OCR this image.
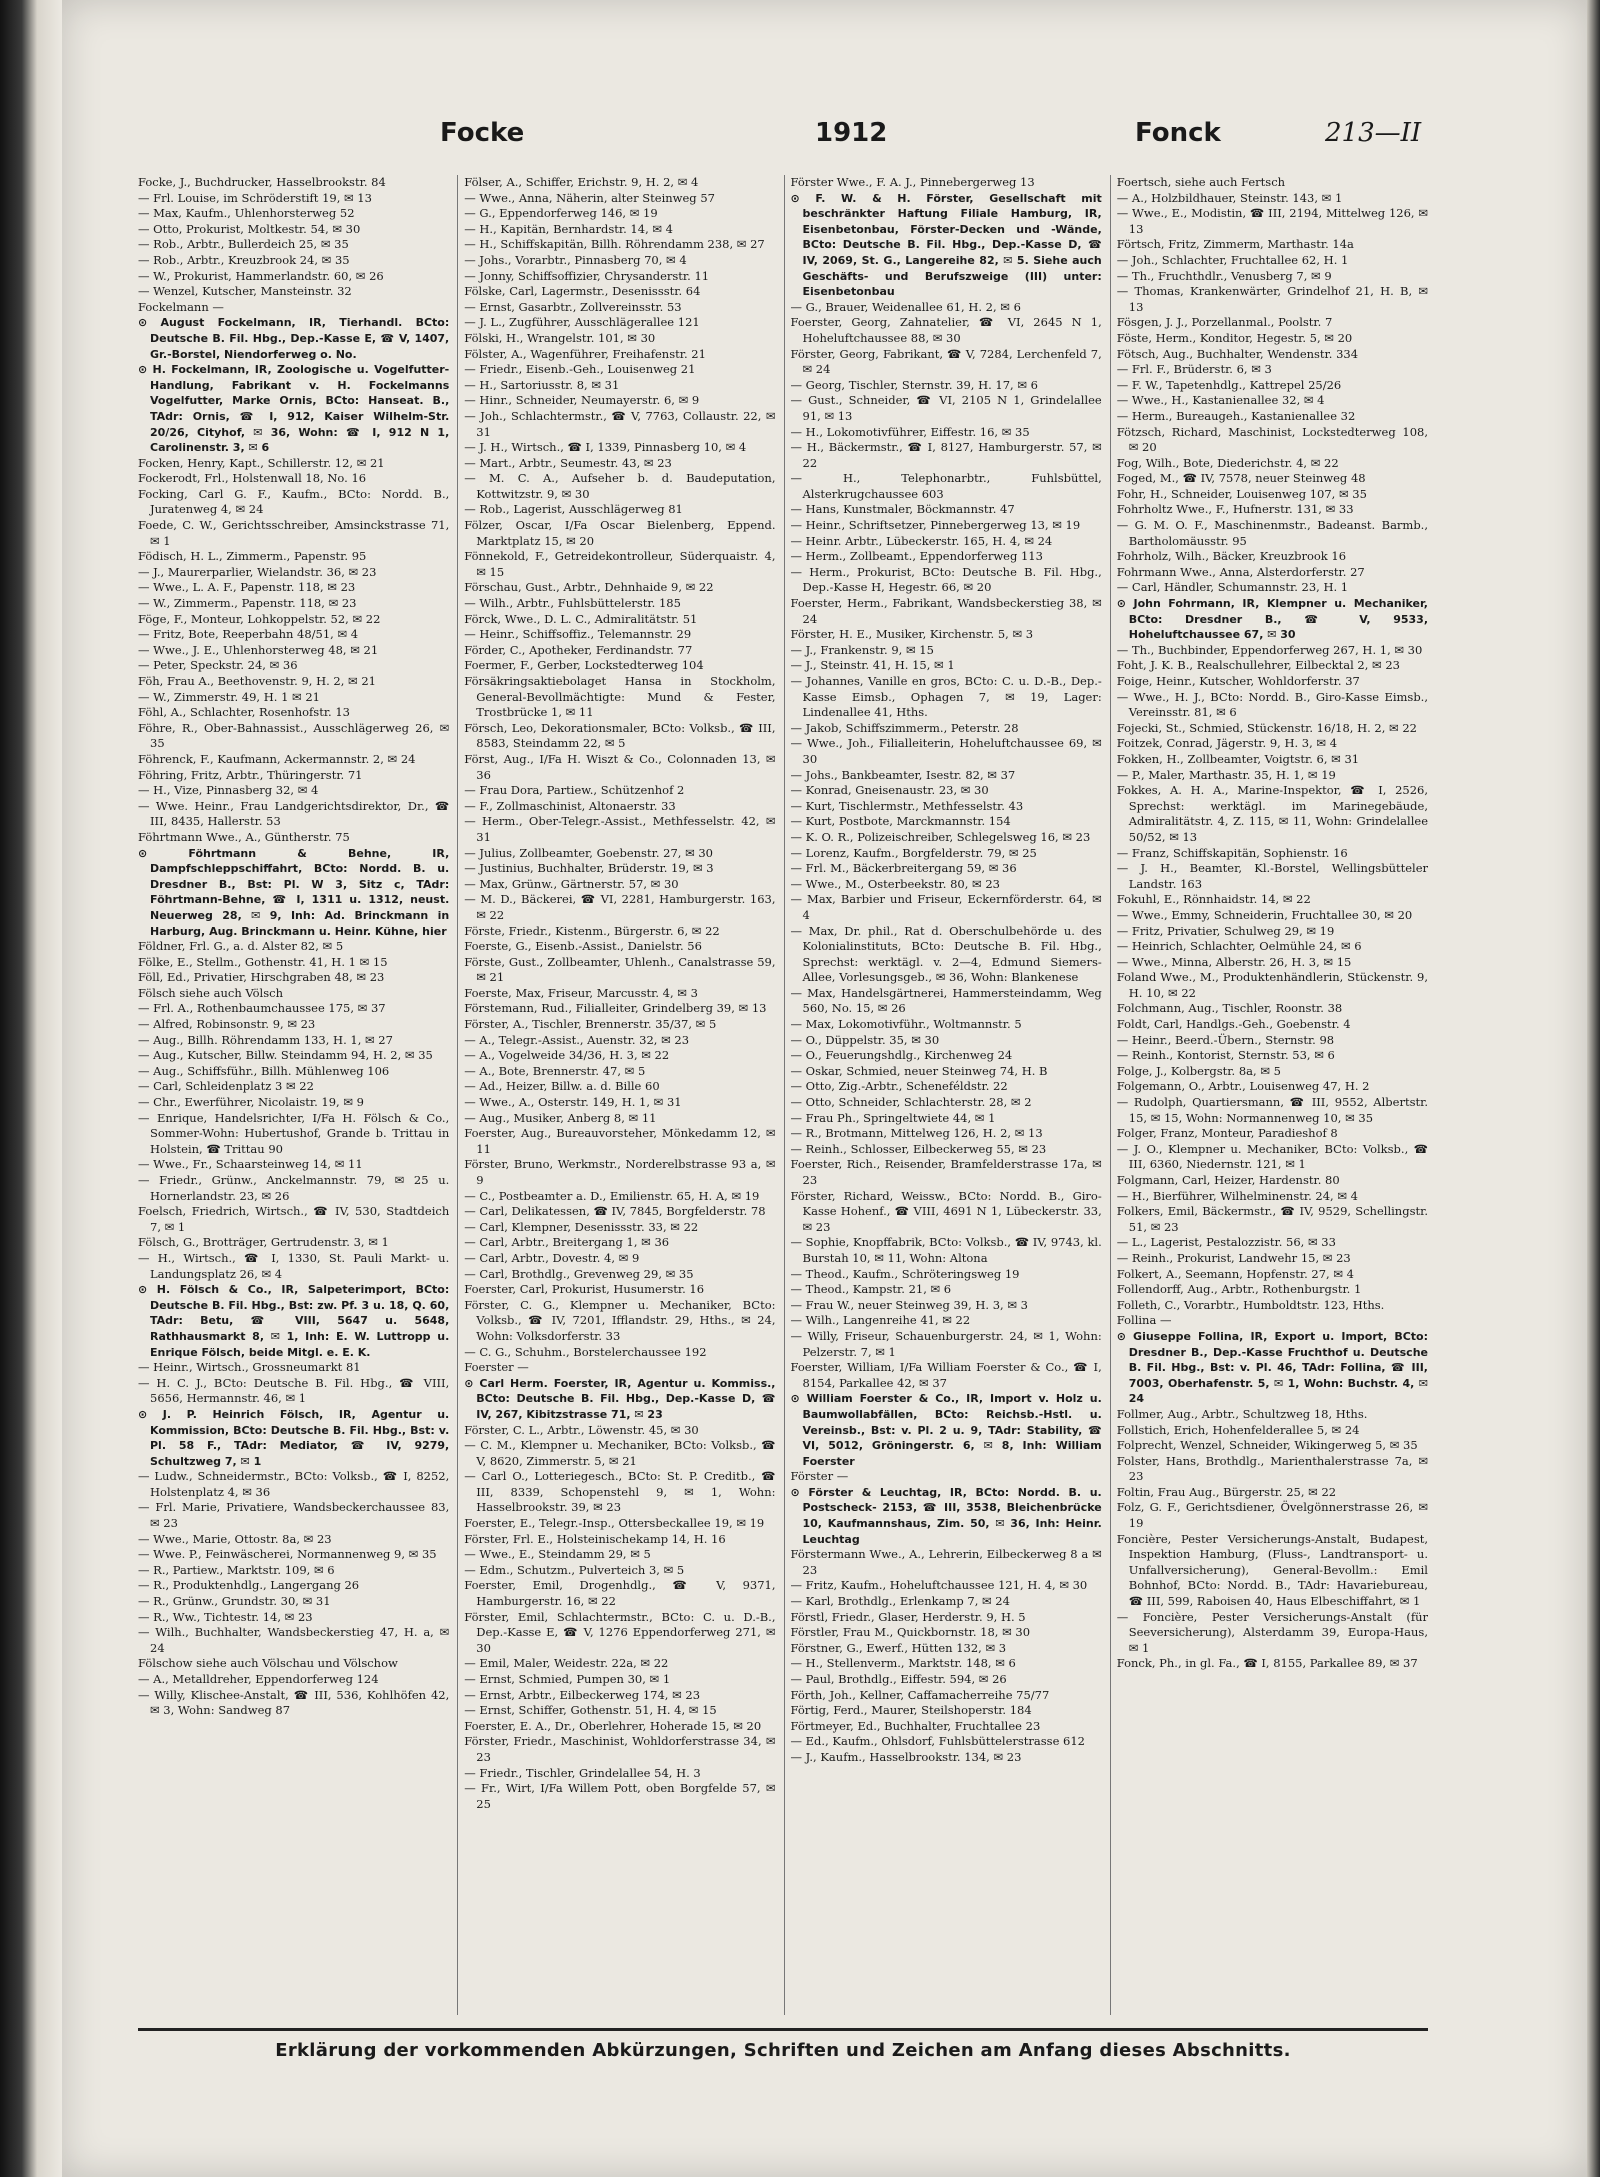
Focke	1912	Fonck	213—II

Focke, J., Buchdrucker, Hasselbrookstr. 84

— Frl. Louise, im Schröderstift 19, ✉ 13

— Max, Kaufm., Uhlenhorsterweg 52

— Otto, Prokurist, Moltkestr. 54, ✉ 30

— Rob., Arbtr., Bullerdeich 25, ✉ 35

— Rob., Arbtr., Kreuzbrook 24, ✉ 35

— W., Prokurist, Hammerlandstr. 60, ✉ 26

— Wenzel, Kutscher, Mansteinstr. 32

Fockelmann —

⊙ August Fockelmann, IR, Tierhandl. BCto: Deutsche B. Fil. Hbg., Dep.-Kasse E, ☎ V, 1407, Gr.-Borstel, Niendorferweg o. No.

⊙ H. Fockelmann, IR, Zoologische u. Vogelfutter-Handlung, Fabrikant v. H. Fockelmanns Vogelfutter, Marke Ornis, BCto: Hanseat. B., TAdr: Ornis, ☎ I, 912, Kaiser Wilhelm-Str. 20/26, Cityhof, ✉ 36, Wohn: ☎ I, 912 N 1, Carolinenstr. 3, ✉ 6

Focken, Henry, Kapt., Schillerstr. 12, ✉ 21

Fockerodt, Frl., Holstenwall 18, No. 16

Focking, Carl G. F., Kaufm., BCto: Nordd. B., Juratenweg 4, ✉ 24

Foede, C. W., Gerichtsschreiber, Amsinckstrasse 71, ✉ 1

Födisch, H. L., Zimmerm., Papenstr. 95

— J., Maurerparlier, Wielandstr. 36, ✉ 23

— Wwe., L. A. F., Papenstr. 118, ✉ 23

— W., Zimmerm., Papenstr. 118, ✉ 23

Föge, F., Monteur, Lohkoppelstr. 52, ✉ 22

— Fritz, Bote, Reeperbahn 48/51, ✉ 4

— Wwe., J. E., Uhlenhorsterweg 48, ✉ 21

— Peter, Speckstr. 24, ✉ 36

Föh, Frau A., Beethovenstr. 9, H. 2, ✉ 21

— W., Zimmerstr. 49, H. 1 ✉ 21

Föhl, A., Schlachter, Rosenhofstr. 13

Föhre, R., Ober-Bahnassist., Ausschlägerweg 26, ✉ 35

Föhrenck, F., Kaufmann, Ackermannstr. 2, ✉ 24

Föhring, Fritz, Arbtr., Thüringerstr. 71

— H., Vize, Pinnasberg 32, ✉ 4

— Wwe. Heinr., Frau Landgerichtsdirektor, Dr., ☎ III, 8435, Hallerstr. 53

Föhrtmann Wwe., A., Güntherstr. 75

⊙ Föhrtmann & Behne, IR, Dampfschleppschiffahrt, BCto: Nordd. B. u. Dresdner B., Bst: Pl. W 3, Sitz c, TAdr: Föhrtmann-Behne, ☎ I, 1311 u. 1312, neust. Neuerweg 28, ✉ 9, Inh: Ad. Brinckmann in Harburg, Aug. Brinckmann u. Heinr. Kühne, hier

Földner, Frl. G., a. d. Alster 82, ✉ 5

Fölke, E., Stellm., Gothenstr. 41, H. 1 ✉ 15

Föll, Ed., Privatier, Hirschgraben 48, ✉ 23

Fölsch siehe auch Völsch

— Frl. A., Rothenbaumchaussee 175, ✉ 37

— Alfred, Robinsonstr. 9, ✉ 23

— Aug., Billh. Röhrendamm 133, H. 1, ✉ 27

— Aug., Kutscher, Billw. Steindamm 94, H. 2, ✉ 35

— Aug., Schiffsführ., Billh. Mühlenweg 106

— Carl, Schleidenplatz 3 ✉ 22

— Chr., Ewerführer, Nicolaistr. 19, ✉ 9

— Enrique, Handelsrichter, I/Fa H. Fölsch & Co., Sommer-Wohn: Hubertushof, Grande b. Trittau in Holstein, ☎ Trittau 90

— Wwe., Fr., Schaarsteinweg 14, ✉ 11

— Friedr., Grünw., Anckelmannstr. 79, ✉ 25 u. Hornerlandstr. 23, ✉ 26

Foelsch, Friedrich, Wirtsch., ☎ IV, 530, Stadtdeich 7, ✉ 1

Fölsch, G., Brotträger, Gertrudenstr. 3, ✉ 1

— H., Wirtsch., ☎ I, 1330, St. Pauli Markt- u. Landungsplatz 26, ✉ 4

⊙ H. Fölsch & Co., IR, Salpeterimport, BCto: Deutsche B. Fil. Hbg., Bst: zw. Pf. 3 u. 18, Q. 60, TAdr: Betu, ☎ VIII, 5647 u. 5648, Rathhausmarkt 8, ✉ 1, Inh: E. W. Luttropp u. Enrique Fölsch, beide Mitgl. e. E. K.

— Heinr., Wirtsch., Grossneumarkt 81

— H. C. J., BCto: Deutsche B. Fil. Hbg., ☎ VIII, 5656, Hermannstr. 46, ✉ 1

⊙ J. P. Heinrich Fölsch, IR, Agentur u. Kommission, BCto: Deutsche B. Fil. Hbg., Bst: v. Pl. 58 F., TAdr: Mediator, ☎ IV, 9279, Schultzweg 7, ✉ 1

— Ludw., Schneidermstr., BCto: Volksb., ☎ I, 8252, Holstenplatz 4, ✉ 36

— Frl. Marie, Privatiere, Wandsbeckerchaussee 83, ✉ 23

— Wwe., Marie, Ottostr. 8a, ✉ 23

— Wwe. P., Feinwäscherei, Normannenweg 9, ✉ 35

— R., Partiew., Marktstr. 109, ✉ 6

— R., Produktenhdlg., Langergang 26

— R., Grünw., Grundstr. 30, ✉ 31

— R., Ww., Tichtestr. 14, ✉ 23

— Wilh., Buchhalter, Wandsbeckerstieg 47, H. a, ✉ 24

Fölschow siehe auch Völschau und Völschow

— A., Metalldreher, Eppendorferweg 124

— Willy, Klischee-Anstalt, ☎ III, 536, Kohlhöfen 42, ✉ 3, Wohn: Sandweg 87

Fölser, A., Schiffer, Erichstr. 9, H. 2, ✉ 4

— Wwe., Anna, Näherin, alter Steinweg 57

— G., Eppendorferweg 146, ✉ 19

— H., Kapitän, Bernhardstr. 14, ✉ 4

— H., Schiffskapitän, Billh. Röhrendamm 238, ✉ 27

— Johs., Vorarbtr., Pinnasberg 70, ✉ 4

— Jonny, Schiffsoffizier, Chrysanderstr. 11

Fölske, Carl, Lagermstr., Desenissstr. 64

— Ernst, Gasarbtr., Zollvereinsstr. 53

— J. L., Zugführer, Ausschlägerallee 121

Fölski, H., Wrangelstr. 101, ✉ 30

Fölster, A., Wagenführer, Freihafenstr. 21

— Friedr., Eisenb.-Geh., Louisenweg 21

— H., Sartoriusstr. 8, ✉ 31

— Hinr., Schneider, Neumayerstr. 6, ✉ 9

— Joh., Schlachtermstr., ☎ V, 7763, Collaustr. 22, ✉ 31

— J. H., Wirtsch., ☎ I, 1339, Pinnasberg 10, ✉ 4

— Mart., Arbtr., Seumestr. 43, ✉ 23

— M. C. A., Aufseher b. d. Baudeputation, Kottwitzstr. 9, ✉ 30

— Rob., Lagerist, Ausschlägerweg 81

Fölzer, Oscar, I/Fa Oscar Bielenberg, Eppend. Marktplatz 15, ✉ 20

Fönnekold, F., Getreidekontrolleur, Süderquaistr. 4, ✉ 15

Förschau, Gust., Arbtr., Dehnhaide 9, ✉ 22

— Wilh., Arbtr., Fuhlsbüttelerstr. 185

Förck, Wwe., D. L. C., Admiralitätstr. 51

— Heinr., Schiffsoffiz., Telemannstr. 29

Förder, C., Apotheker, Ferdinandstr. 77

Foermer, F., Gerber, Lockstedterweg 104

Försäkringsaktiebolaget Hansa in Stockholm, General-Bevollmächtigte: Mund & Fester, Trostbrücke 1, ✉ 11

Försch, Leo, Dekorationsmaler, BCto: Volksb., ☎ III, 8583, Steindamm 22, ✉ 5

Först, Aug., I/Fa H. Wiszt & Co., Colonnaden 13, ✉ 36

— Frau Dora, Partiew., Schützenhof 2

— F., Zollmaschinist, Altonaerstr. 33

— Herm., Ober-Telegr.-Assist., Methfesselstr. 42, ✉ 31

— Julius, Zollbeamter, Goebenstr. 27, ✉ 30

— Justinius, Buchhalter, Brüderstr. 19, ✉ 3

— Max, Grünw., Gärtnerstr. 57, ✉ 30

— M. D., Bäckerei, ☎ VI, 2281, Hamburgerstr. 163, ✉ 22

Förste, Friedr., Kistenm., Bürgerstr. 6, ✉ 22

Foerste, G., Eisenb.-Assist., Danielstr. 56

Förste, Gust., Zollbeamter, Uhlenh., Canalstrasse 59, ✉ 21

Foerste, Max, Friseur, Marcusstr. 4, ✉ 3

Förstemann, Rud., Filialleiter, Grindelberg 39, ✉ 13

Förster, A., Tischler, Brennerstr. 35/37, ✉ 5

— A., Telegr.-Assist., Auenstr. 32, ✉ 23

— A., Vogelweide 34/36, H. 3, ✉ 22

— A., Bote, Brennerstr. 47, ✉ 5

— Ad., Heizer, Billw. a. d. Bille 60

— Wwe., A., Osterstr. 149, H. 1, ✉ 31

— Aug., Musiker, Anberg 8, ✉ 11

Foerster, Aug., Bureauvorsteher, Mönkedamm 12, ✉ 11

Förster, Bruno, Werkmstr., Norderelbstrasse 93 a, ✉ 9

— C., Postbeamter a. D., Emilienstr. 65, H. A, ✉ 19

— Carl, Delikatessen, ☎ IV, 7845, Borgfelderstr. 78

— Carl, Klempner, Desenissstr. 33, ✉ 22

— Carl, Arbtr., Breitergang 1, ✉ 36

— Carl, Arbtr., Dovestr. 4, ✉ 9

— Carl, Brothdlg., Grevenweg 29, ✉ 35

Foerster, Carl, Prokurist, Husumerstr. 16

Förster, C. G., Klempner u. Mechaniker, BCto: Volksb., ☎ IV, 7201, Ifflandstr. 29, Hths., ✉ 24, Wohn: Volksdorferstr. 33

— C. G., Schuhm., Borstelerchaussee 192

Foerster —

⊙ Carl Herm. Foerster, IR, Agentur u. Kommiss., BCto: Deutsche B. Fil. Hbg., Dep.-Kasse D, ☎ IV, 267, Kibitzstrasse 71, ✉ 23

Förster, C. L., Arbtr., Löwenstr. 45, ✉ 30

— C. M., Klempner u. Mechaniker, BCto: Volksb., ☎ V, 8620, Zimmerstr. 5, ✉ 21

— Carl O., Lotteriegesch., BCto: St. P. Creditb., ☎ III, 8339, Schopenstehl 9, ✉ 1, Wohn: Hasselbrookstr. 39, ✉ 23

Foerster, E., Telegr.-Insp., Ottersbeckallee 19, ✉ 19

Förster, Frl. E., Holsteinischekamp 14, H. 16

— Wwe., E., Steindamm 29, ✉ 5

— Edm., Schutzm., Pulverteich 3, ✉ 5

Foerster, Emil, Drogenhdlg., ☎ V, 9371, Hamburgerstr. 16, ✉ 22

Förster, Emil, Schlachtermstr., BCto: C. u. D.-B., Dep.-Kasse E, ☎ V, 1276 Eppendorferweg 271, ✉ 30

— Emil, Maler, Weidestr. 22a, ✉ 22

— Ernst, Schmied, Pumpen 30, ✉ 1

— Ernst, Arbtr., Eilbeckerweg 174, ✉ 23

— Ernst, Schiffer, Gothenstr. 51, H. 4, ✉ 15

Foerster, E. A., Dr., Oberlehrer, Hoherade 15, ✉ 20

Förster, Friedr., Maschinist, Wohldorferstrasse 34, ✉ 23

— Friedr., Tischler, Grindelallee 54, H. 3

— Fr., Wirt, I/Fa Willem Pott, oben Borgfelde 57, ✉ 25

Förster Wwe., F. A. J., Pinnebergerweg 13

⊙ F. W. & H. Förster, Gesellschaft mit beschränkter Haftung Filiale Hamburg, IR, Eisenbetonbau, Förster-Decken und -Wände, BCto: Deutsche B. Fil. Hbg., Dep.-Kasse D, ☎ IV, 2069, St. G., Langereihe 82, ✉ 5. Siehe auch Geschäfts- und Berufszweige (III) unter: Eisenbetonbau

— G., Brauer, Weidenallee 61, H. 2, ✉ 6

Foerster, Georg, Zahnatelier, ☎ VI, 2645 N 1, Hoheluftchaussee 88, ✉ 30

Förster, Georg, Fabrikant, ☎ V, 7284, Lerchenfeld 7, ✉ 24

— Georg, Tischler, Sternstr. 39, H. 17, ✉ 6

— Gust., Schneider, ☎ VI, 2105 N 1, Grindelallee 91, ✉ 13

— H., Lokomotivführer, Eiffestr. 16, ✉ 35

— H., Bäckermstr., ☎ I, 8127, Hamburgerstr. 57, ✉ 22

— H., Telephonarbtr., Fuhlsbüttel, Alsterkrugchaussee 603

— Hans, Kunstmaler, Böckmannstr. 47

— Heinr., Schriftsetzer, Pinnebergerweg 13, ✉ 19

— Heinr. Arbtr., Lübeckerstr. 165, H. 4, ✉ 24

— Herm., Zollbeamt., Eppendorferweg 113

— Herm., Prokurist, BCto: Deutsche B. Fil. Hbg., Dep.-Kasse H, Hegestr. 66, ✉ 20

Foerster, Herm., Fabrikant, Wandsbeckerstieg 38, ✉ 24

Förster, H. E., Musiker, Kirchenstr. 5, ✉ 3

— J., Frankenstr. 9, ✉ 15

— J., Steinstr. 41, H. 15, ✉ 1

— Johannes, Vanille en gros, BCto: C. u. D.-B., Dep.-Kasse Eimsb., Ophagen 7, ✉ 19, Lager: Lindenallee 41, Hths.

— Jakob, Schiffszimmerm., Peterstr. 28

— Wwe., Joh., Filialleiterin, Hoheluftchaussee 69, ✉ 30

— Johs., Bankbeamter, Isestr. 82, ✉ 37

— Konrad, Gneisenaustr. 23, ✉ 30

— Kurt, Tischlermstr., Methfesselstr. 43

— Kurt, Postbote, Marckmannstr. 154

— K. O. R., Polizeischreiber, Schlegelsweg 16, ✉ 23

— Lorenz, Kaufm., Borgfelderstr. 79, ✉ 25

— Frl. M., Bäckerbreitergang 59, ✉ 36

— Wwe., M., Osterbeekstr. 80, ✉ 23

— Max, Barbier und Friseur, Eckernförderstr. 64, ✉ 4

— Max, Dr. phil., Rat d. Oberschulbehörde u. des Kolonialinstituts, BCto: Deutsche B. Fil. Hbg., Sprechst: werktägl. v. 2—4, Edmund Siemers-Allee, Vorlesungsgeb., ✉ 36, Wohn: Blankenese

— Max, Handelsgärtnerei, Hammersteindamm, Weg 560, No. 15, ✉ 26

— Max, Lokomotivführ., Woltmannstr. 5

— O., Düppelstr. 35, ✉ 30

— O., Feuerungshdlg., Kirchenweg 24

— Oskar, Schmied, neuer Steinweg 74, H. B

— Otto, Zig.-Arbtr., Scheneféldstr. 22

— Otto, Schneider, Schlachterstr. 28, ✉ 2

— Frau Ph., Springeltwiete 44, ✉ 1

— R., Brotmann, Mittelweg 126, H. 2, ✉ 13

— Reinh., Schlosser, Eilbeckerweg 55, ✉ 23

Foerster, Rich., Reisender, Bramfelderstrasse 17a, ✉ 23

Förster, Richard, Weissw., BCto: Nordd. B., Giro-Kasse Hohenf., ☎ VIII, 4691 N 1, Lübeckerstr. 33, ✉ 23

— Sophie, Knopffabrik, BCto: Volksb., ☎ IV, 9743, kl. Burstah 10, ✉ 11, Wohn: Altona

— Theod., Kaufm., Schröteringsweg 19

— Theod., Kampstr. 21, ✉ 6

— Frau W., neuer Steinweg 39, H. 3, ✉ 3

— Wilh., Langenreihe 41, ✉ 22

— Willy, Friseur, Schauenburgerstr. 24, ✉ 1, Wohn: Pelzerstr. 7, ✉ 1

Foerster, William, I/Fa William Foerster & Co., ☎ I, 8154, Parkallee 42, ✉ 37

⊙ William Foerster & Co., IR, Import v. Holz u. Baumwollabfällen, BCto: Reichsb.-Hstl. u. Vereinsb., Bst: v. Pl. 2 u. 9, TAdr: Stability, ☎ VI, 5012, Gröningerstr. 6, ✉ 8, Inh: William Foerster

Förster —

⊙ Förster & Leuchtag, IR, BCto: Nordd. B. u. Postscheck- 2153, ☎ III, 3538, Bleichenbrücke 10, Kaufmannshaus, Zim. 50, ✉ 36, Inh: Heinr. Leuchtag

Förstermann Wwe., A., Lehrerin, Eilbeckerweg 8 a ✉ 23

— Fritz, Kaufm., Hoheluftchaussee 121, H. 4, ✉ 30

— Karl, Brothdlg., Erlenkamp 7, ✉ 24

Förstl, Friedr., Glaser, Herderstr. 9, H. 5

Förstler, Frau M., Quickbornstr. 18, ✉ 30

Förstner, G., Ewerf., Hütten 132, ✉ 3

— H., Stellenverm., Marktstr. 148, ✉ 6

— Paul, Brothdlg., Eiffestr. 594, ✉ 26

Förth, Joh., Kellner, Caffamacherreihe 75/77

Förtig, Ferd., Maurer, Steilshoperstr. 184

Förtmeyer, Ed., Buchhalter, Fruchtallee 23

— Ed., Kaufm., Ohlsdorf, Fuhlsbüttelerstrasse 612

— J., Kaufm., Hasselbrookstr. 134, ✉ 23

Foertsch, siehe auch Fertsch

— A., Holzbildhauer, Steinstr. 143, ✉ 1

— Wwe., E., Modistin, ☎ III, 2194, Mittelweg 126, ✉ 13

Förtsch, Fritz, Zimmerm, Marthastr. 14a

— Joh., Schlachter, Fruchtallee 62, H. 1

— Th., Fruchthdlr., Venusberg 7, ✉ 9

— Thomas, Krankenwärter, Grindelhof 21, H. B, ✉ 13

Fösgen, J. J., Porzellanmal., Poolstr. 7

Föste, Herm., Konditor, Hegestr. 5, ✉ 20

Fötsch, Aug., Buchhalter, Wendenstr. 334

— Frl. F., Brüderstr. 6, ✉ 3

— F. W., Tapetenhdlg., Kattrepel 25/26

— Wwe., H., Kastanienallee 32, ✉ 4

— Herm., Bureaugeh., Kastanienallee 32

Fötzsch, Richard, Maschinist, Lockstedterweg 108, ✉ 20

Fog, Wilh., Bote, Diederichstr. 4, ✉ 22

Foged, M., ☎ IV, 7578, neuer Steinweg 48

Fohr, H., Schneider, Louisenweg 107, ✉ 35

Fohrholtz Wwe., F., Hufnerstr. 131, ✉ 33

— G. M. O. F., Maschinenmstr., Badeanst. Barmb., Bartholomäusstr. 95

Fohrholz, Wilh., Bäcker, Kreuzbrook 16

Fohrmann Wwe., Anna, Alsterdorferstr. 27

— Carl, Händler, Schumannstr. 23, H. 1

⊙ John Fohrmann, IR, Klempner u. Mechaniker, BCto: Dresdner B., ☎ V, 9533, Hoheluftchaussee 67, ✉ 30

— Th., Buchbinder, Eppendorferweg 267, H. 1, ✉ 30

Foht, J. K. B., Realschullehrer, Eilbecktal 2, ✉ 23

Foige, Heinr., Kutscher, Wohldorferstr. 37

— Wwe., H. J., BCto: Nordd. B., Giro-Kasse Eimsb., Vereinsstr. 81, ✉ 6

Fojecki, St., Schmied, Stückenstr. 16/18, H. 2, ✉ 22

Foitzek, Conrad, Jägerstr. 9, H. 3, ✉ 4

Fokken, H., Zollbeamter, Voigtstr. 6, ✉ 31

— P., Maler, Marthastr. 35, H. 1, ✉ 19

Fokkes, A. H. A., Marine-Inspektor, ☎ I, 2526, Sprechst: werktägl. im Marinegebäude, Admiralitätstr. 4, Z. 115, ✉ 11, Wohn: Grindelallee 50/52, ✉ 13

— Franz, Schiffskapitän, Sophienstr. 16

— J. H., Beamter, Kl.-Borstel, Wellingsbütteler Landstr. 163

Fokuhl, E., Rönnhaidstr. 14, ✉ 22

— Wwe., Emmy, Schneiderin, Fruchtallee 30, ✉ 20

— Fritz, Privatier, Schulweg 29, ✉ 19

— Heinrich, Schlachter, Oelmühle 24, ✉ 6

— Wwe., Minna, Alberstr. 26, H. 3, ✉ 15

Foland Wwe., M., Produktenhändlerin, Stückenstr. 9, H. 10, ✉ 22

Folchmann, Aug., Tischler, Roonstr. 38

Foldt, Carl, Handlgs.-Geh., Goebenstr. 4

— Heinr., Beerd.-Übern., Sternstr. 98

— Reinh., Kontorist, Sternstr. 53, ✉ 6

Folge, J., Kolbergstr. 8a, ✉ 5

Folgemann, O., Arbtr., Louisenweg 47, H. 2

— Rudolph, Quartiersmann, ☎ III, 9552, Albertstr. 15, ✉ 15, Wohn: Normannenweg 10, ✉ 35

Folger, Franz, Monteur, Paradieshof 8

— J. O., Klempner u. Mechaniker, BCto: Volksb., ☎ III, 6360, Niedernstr. 121, ✉ 1

Folgmann, Carl, Heizer, Hardenstr. 80

— H., Bierführer, Wilhelminenstr. 24, ✉ 4

Folkers, Emil, Bäckermstr., ☎ IV, 9529, Schellingstr. 51, ✉ 23

— L., Lagerist, Pestalozzistr. 56, ✉ 33

— Reinh., Prokurist, Landwehr 15, ✉ 23

Folkert, A., Seemann, Hopfenstr. 27, ✉ 4

Follendorff, Aug., Arbtr., Rothenburgstr. 1

Folleth, C., Vorarbtr., Humboldtstr. 123, Hths.

Follina —

⊙ Giuseppe Follina, IR, Export u. Import, BCto: Dresdner B., Dep.-Kasse Fruchthof u. Deutsche B. Fil. Hbg., Bst: v. Pl. 46, TAdr: Follina, ☎ III, 7003, Oberhafenstr. 5, ✉ 1, Wohn: Buchstr. 4, ✉ 24

Follmer, Aug., Arbtr., Schultzweg 18, Hths.

Follstich, Erich, Hohenfelderallee 5, ✉ 24

Folprecht, Wenzel, Schneider, Wikingerweg 5, ✉ 35

Folster, Hans, Brothdlg., Marienthalerstrasse 7a, ✉ 23

Foltin, Frau Aug., Bürgerstr. 25, ✉ 22

Folz, G. F., Gerichtsdiener, Övelgönnerstrasse 26, ✉ 19

Foncière, Pester Versicherungs-Anstalt, Budapest, Inspektion Hamburg, (Fluss-, Landtransport- u. Unfallversicherung), General-Bevollm.: Emil Bohnhof, BCto: Nordd. B., TAdr: Havariebureau, ☎ III, 599, Raboisen 40, Haus Elbeschiffahrt, ✉ 1

— Foncière, Pester Versicherungs-Anstalt (für Seeversicherung), Alsterdamm 39, Europa-Haus, ✉ 1

Fonck, Ph., in gl. Fa., ☎ I, 8155, Parkallee 89, ✉ 37

Erklärung der vorkommenden Abkürzungen, Schriften und Zeichen am Anfang dieses Abschnitts.
